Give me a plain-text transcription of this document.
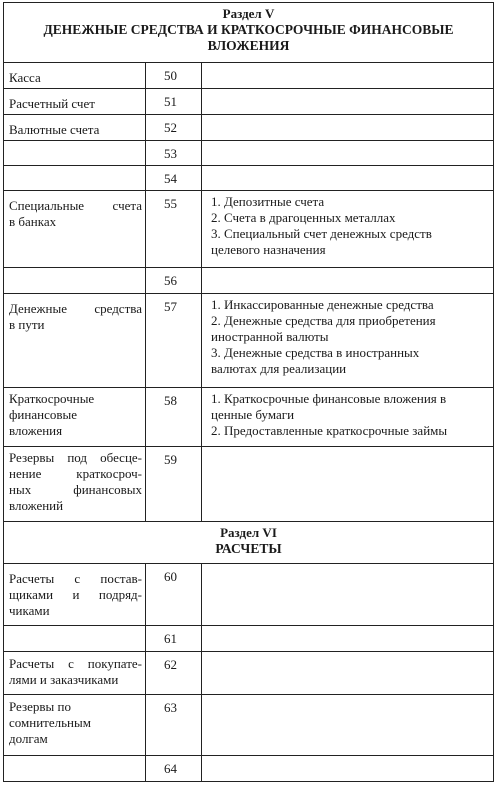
Раздел V
ДЕНЕЖНЫЕ СРЕДСТВА И КРАТКОСРОЧНЫЕ ФИНАНСОВЫЕ
ВЛОЖЕНИЯ		

Касса	50	
Расчетный счет	51	
Валютные счета	52	
	53	
	54	

Специальные счета
в банках	55	1. Депозитные счета
2. Счета в драгоценных металлах
3. Специальный счет денежных средств
целевого назначения

	56	

Денежные средства
в пути	57	1. Инкассированные денежные средства
2. Денежные средства для приобретения
иностранной валюты
3. Денежные средства в иностранных
валютах для реализации

Краткосрочные
финансовые
вложения	58	1. Краткосрочные финансовые вложения в
ценные бумаги
2. Предоставленные краткосрочные займы

Резервы под обесце-
нение краткосроч-
ных финансовых
вложений	59	

Раздел VI
РАСЧЕТЫ		

Расчеты с постав-
щиками и подряд-
чиками	60	
	61	

Расчеты с покупате-
лями и заказчиками	62	

Резервы по
сомнительным
долгам	63	
	64	
